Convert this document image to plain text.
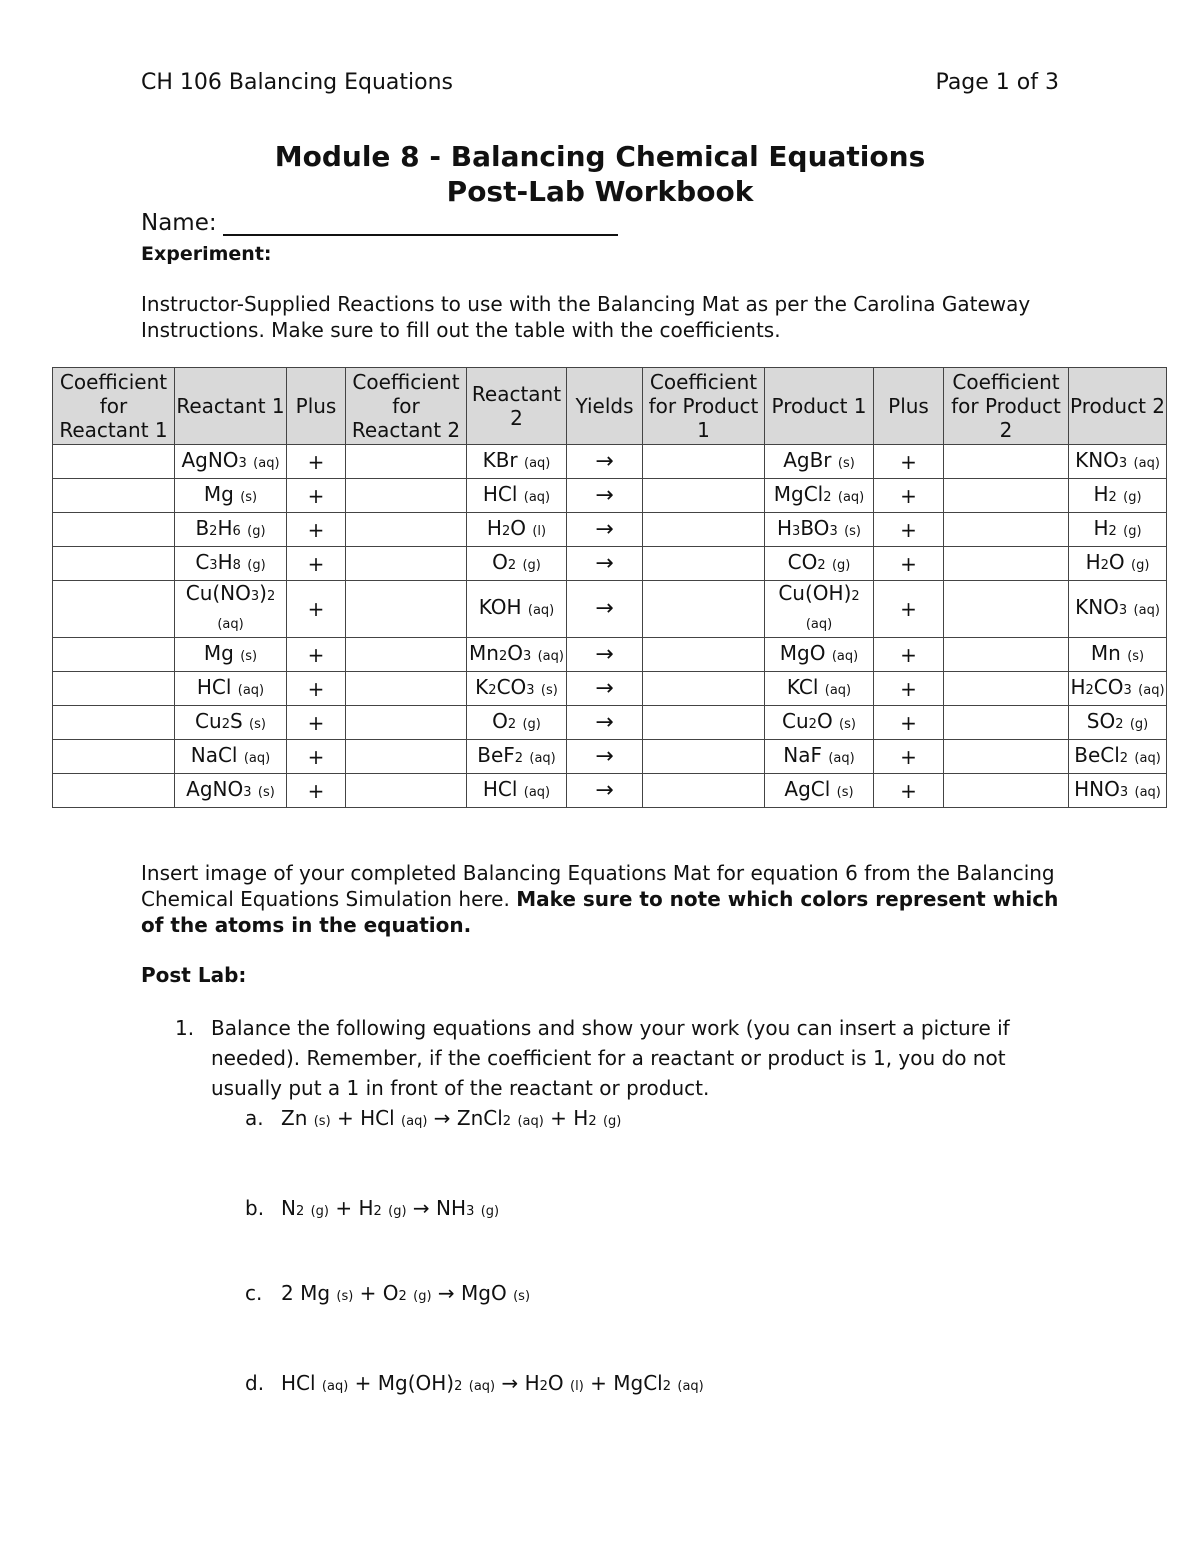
CH 106 Balancing Equations	Page 1 of 3
Module 8 - Balancing Chemical Equations
Post-Lab Workbook
Name:
Experiment:
Instructor-Supplied Reactions to use with the Balancing Mat as per the Carolina Gateway Instructions. Make sure to fill out the table with the coefficients.
Coefficient for Reactant 1	Reactant 1	Plus	Coefficient for Reactant 2	Reactant 2	Yields	Coefficient for Product 1	Product 1	Plus	Coefficient for Product 2	Product 2
	AgNO3 (aq)	+		KBr (aq)	→		AgBr (s)	+		KNO3 (aq)
	Mg (s)	+		HCl (aq)	→		MgCl2 (aq)	+		H2 (g)
	B2H6 (g)	+		H2O (l)	→		H3BO3 (s)	+		H2 (g)
	C3H8 (g)	+		O2 (g)	→		CO2 (g)	+		H2O (g)
	Cu(NO3)2 (aq)	+		KOH (aq)	→		Cu(OH)2 (aq)	+		KNO3 (aq)
	Mg (s)	+		Mn2O3 (aq)	→		MgO (aq)	+		Mn (s)
	HCl (aq)	+		K2CO3 (s)	→		KCl (aq)	+		H2CO3 (aq)
	Cu2S (s)	+		O2 (g)	→		Cu2O (s)	+		SO2 (g)
	NaCl (aq)	+		BeF2 (aq)	→		NaF (aq)	+		BeCl2 (aq)
	AgNO3 (s)	+		HCl (aq)	→		AgCl (s)	+		HNO3 (aq)
Insert image of your completed Balancing Equations Mat for equation 6 from the Balancing Chemical Equations Simulation here. Make sure to note which colors represent which of the atoms in the equation.
Post Lab:
1. Balance the following equations and show your work (you can insert a picture if needed). Remember, if the coefficient for a reactant or product is 1, you do not usually put a 1 in front of the reactant or product.
a. Zn (s) + HCl (aq) → ZnCl2 (aq) + H2 (g)
b. N2 (g) + H2 (g) → NH3 (g)
c. 2 Mg (s) + O2 (g) → MgO (s)
d. HCl (aq) + Mg(OH)2 (aq) → H2O (l) + MgCl2 (aq)
